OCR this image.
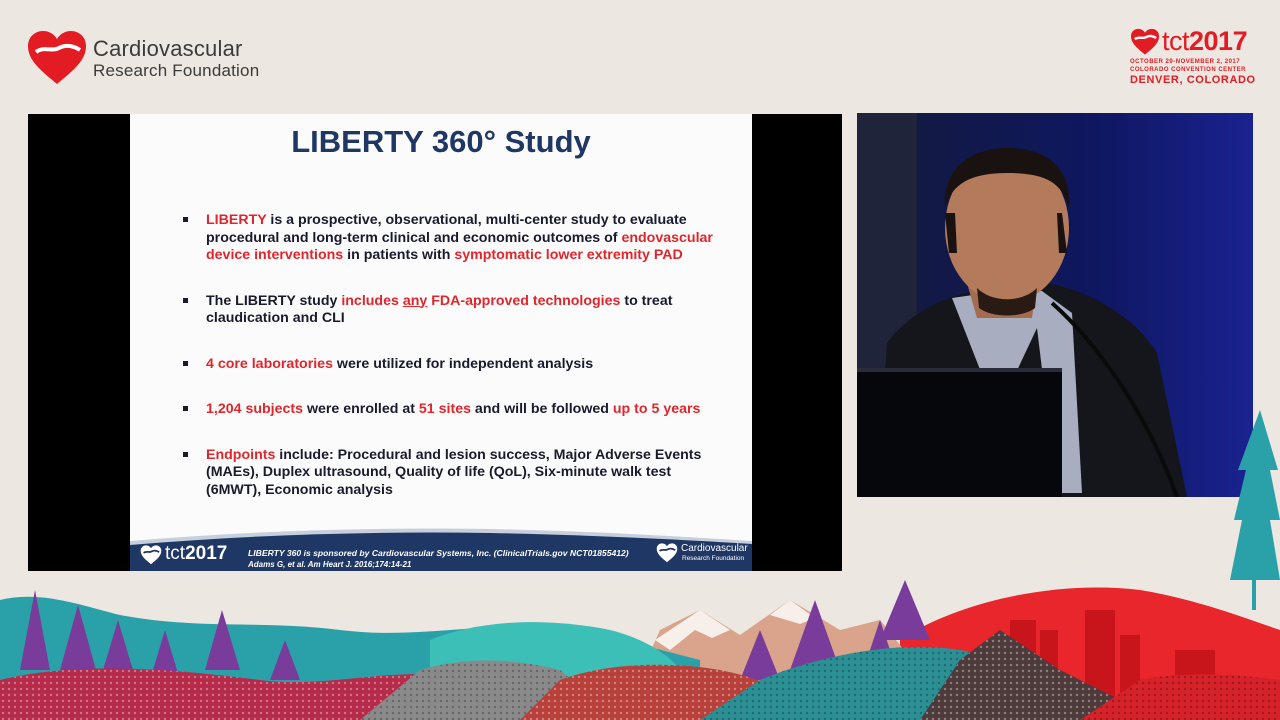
Cardiovascular
Research Foundation
tct2017
OCTOBER 29-NOVEMBER 2, 2017
COLORADO CONVENTION CENTER
DENVER, COLORADO
LIBERTY 360° Study
LIBERTY is a prospective, observational, multi-center study to evaluate procedural and long-term clinical and economic outcomes of endovascular device interventions in patients with symptomatic lower extremity PAD
The LIBERTY study includes any FDA-approved technologies to treat claudication and CLI
4 core laboratories were utilized for independent analysis
1,204 subjects were enrolled at 51 sites and will be followed up to 5 years
Endpoints include: Procedural and lesion success, Major Adverse Events (MAEs), Duplex ultrasound, Quality of life (QoL), Six-minute walk test (6MWT), Economic analysis
tct2017 LIBERTY 360 is sponsored by Cardiovascular Systems, Inc. (ClinicalTrials.gov NCT01855412)
Adams G, et al. Am Heart J. 2016;174:14-21
Cardiovascular
Research Foundation
